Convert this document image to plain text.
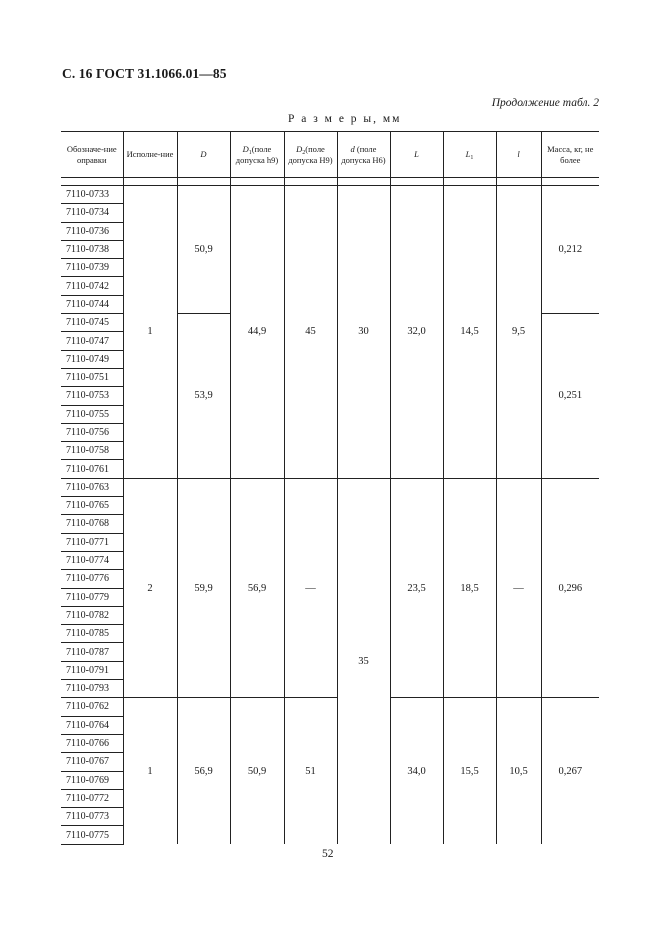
С. 16 ГОСТ 31.1066.01—85
Продолжение табл. 2
Р а з м е р ы, мм
Обозначе-ние оправки	Исполне-ние	D	$D_1(поле$ допуска h9)	$D_2(поле$ допуска H9)	d (поле допуска H6)	L	$L_1$	l	Масса, кг, не более

7110-0733	1	50,9	44,9	45	30	32,0	14,5	9,5	0,212
7110-0734									
7110-0736									
7110-0738									
7110-0739									
7110-0742									
7110-0744									
7110-0745		53,9							0,251
7110-0747									
7110-0749									
7110-0751									
7110-0753									
7110-0755									
7110-0756									
7110-0758									
7110-0761									
7110-0763	2	59,9	56,9	—	35	23,5	18,5	—	0,296
7110-0765									
7110-0768									
7110-0771									
7110-0774									
7110-0776									
7110-0779									
7110-0782									
7110-0785									
7110-0787									
7110-0791									
7110-0793									
7110-0762	1	56,9	50,9	51		34,0	15,5	10,5	0,267
7110-0764									
7110-0766									
7110-0767									
7110-0769									
7110-0772									
7110-0773									
7110-0775									
52
